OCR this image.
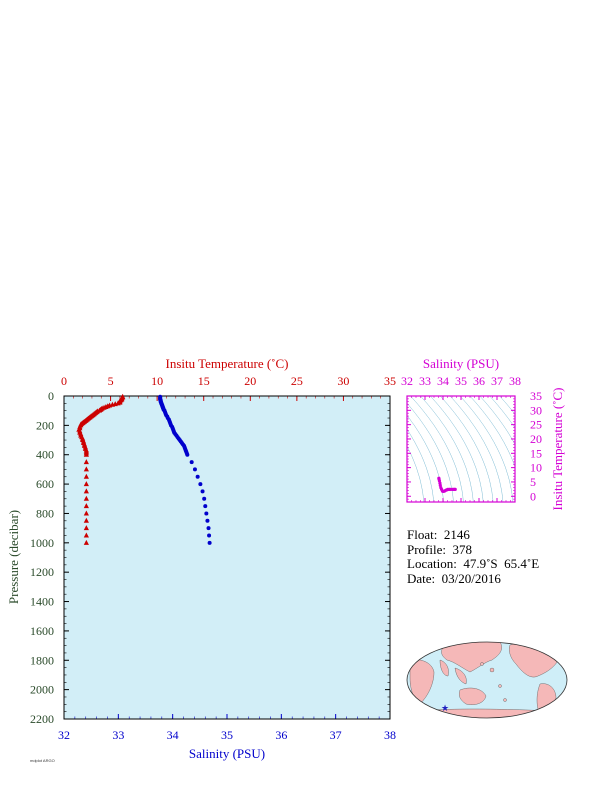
0	5	10	15	20	25	30	35
32	33	34	35	36	37	38
0
200
400
600
800
1000
1200
1400
1600
1800
2000
2200
Insitu Temperature (˚C)
Salinity (PSU)
Pressure (decibar)
32 33 34 35 36 37 38
0
5
10
15
20
25
30
35
Salinity (PSU)
Insitu Temperature (˚C)
★
Float:  2146
Profile:  378
Location:  47.9˚S  65.4˚E
Date:  03/20/2016
mdplot ARGO
